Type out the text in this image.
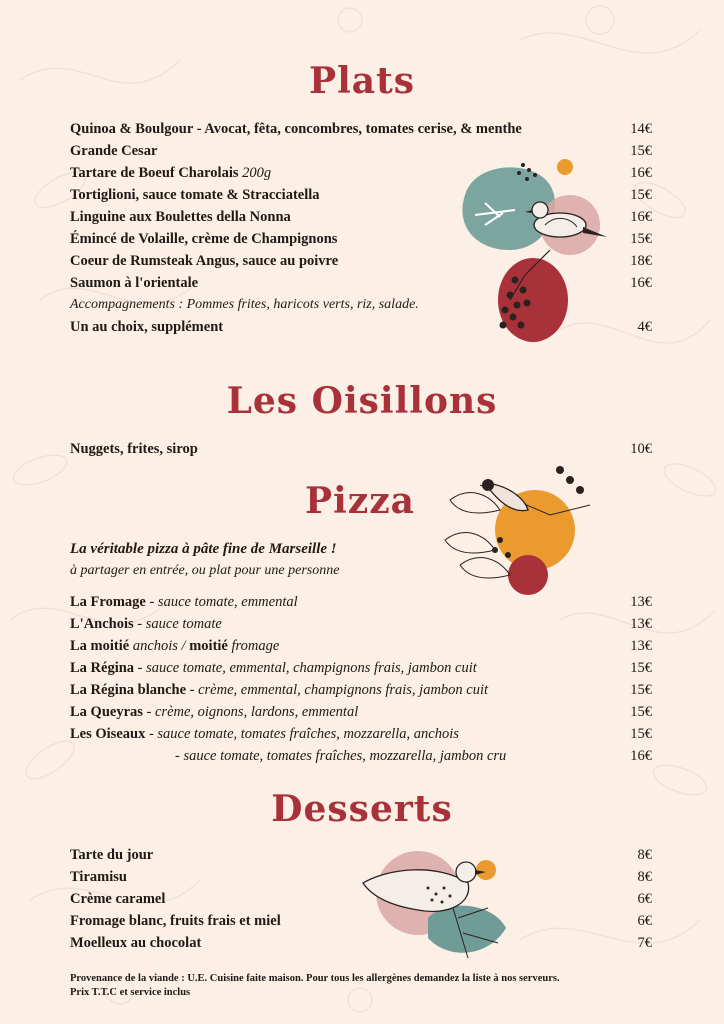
Plats
Quinoa & Boulgour - Avocat, fêta, concombres, tomates cerise, & menthe	14€
Grande Cesar	15€
Tartare de Boeuf Charolais 200g	16€
Tortiglioni, sauce tomate & Stracciatella	15€
Linguine aux Boulettes della Nonna	16€
Émincé de Volaille, crème de Champignons	15€
Coeur de Rumsteak Angus, sauce au poivre	18€
Saumon à l'orientale	16€
Accompagnements : Pommes frites, haricots verts, riz, salade.
Un au choix, supplément	4€
Les Oisillons
Nuggets, frites, sirop	10€
Pizza
La véritable pizza à pâte fine de Marseille !
à partager en entrée, ou plat pour une personne
La Fromage - sauce tomate, emmental	13€
L'Anchois - sauce tomate	13€
La moitié anchois / moitié fromage	13€
La Régina - sauce tomate, emmental, champignons frais, jambon cuit	15€
La Régina blanche - crème, emmental, champignons frais, jambon cuit	15€
La Queyras - crème, oignons, lardons, emmental	15€
Les Oiseaux - sauce tomate, tomates fraîches, mozzarella, anchois	15€
- sauce tomate, tomates fraîches, mozzarella, jambon cru	16€
Desserts
Tarte du jour	8€
Tiramisu	8€
Crème caramel	6€
Fromage blanc, fruits frais et miel	6€
Moelleux au chocolat	7€
Provenance de la viande : U.E. Cuisine faite maison. Pour tous les allergènes demandez la liste à nos serveurs.
Prix T.T.C et service inclus
